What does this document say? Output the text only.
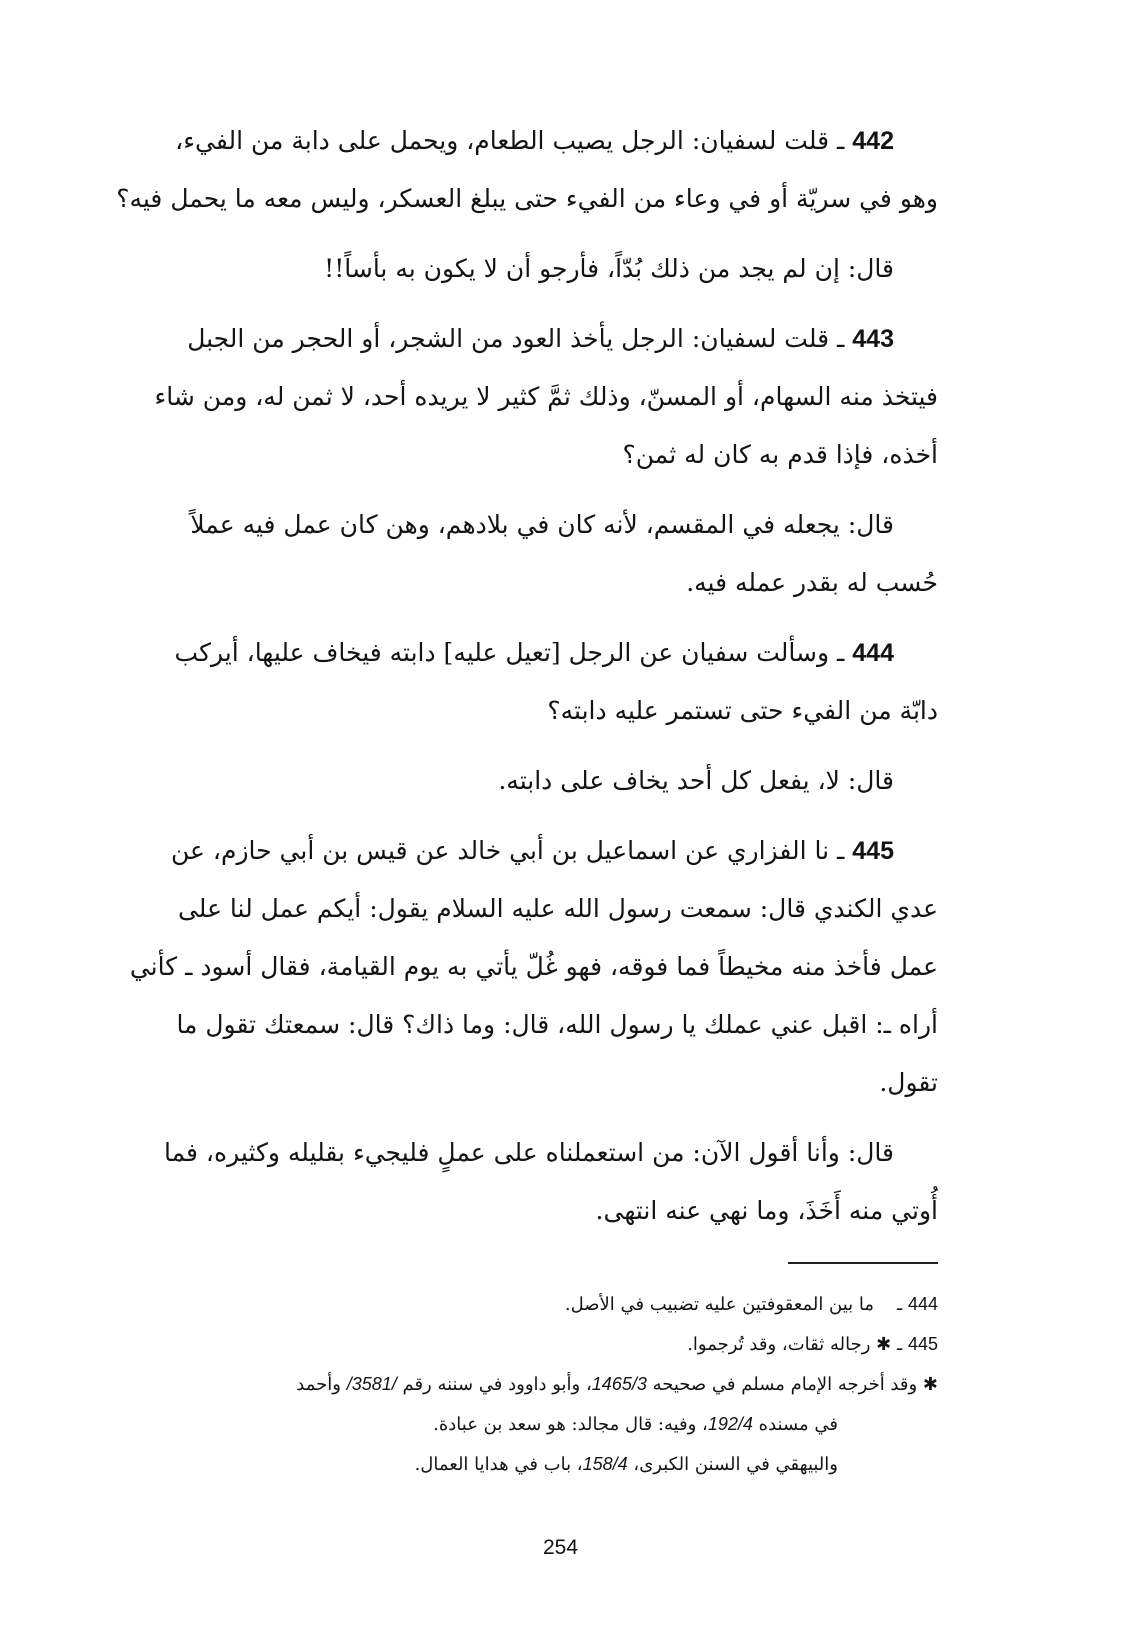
442 ـ قلت لسفيان: الرجل يصيب الطعام، ويحمل على دابة من الفيء،
وهو في سريّة أو في وعاء من الفيء حتى يبلغ العسكر، وليس معه ما يحمل فيه؟
قال: إن لم يجد من ذلك بُدّاً، فأرجو أن لا يكون به بأساً!!
443 ـ قلت لسفيان: الرجل يأخذ العود من الشجر، أو الحجر من الجبل
فيتخذ منه السهام، أو المسنّ، وذلك ثمَّ كثير لا يريده أحد، لا ثمن له، ومن شاء
أخذه، فإذا قدم به كان له ثمن؟
قال: يجعله في المقسم، لأنه كان في بلادهم، وهن كان عمل فيه عملاً
حُسب له بقدر عمله فيه.
444 ـ وسألت سفيان عن الرجل [تعيل عليه] دابته فيخاف عليها، أيركب
دابّة من الفيء حتى تستمر عليه دابته؟
قال: لا، يفعل كل أحد يخاف على دابته.
445 ـ نا الفزاري عن اسماعيل بن أبي خالد عن قيس بن أبي حازم، عن
عدي الكندي قال: سمعت رسول الله عليه السلام يقول: أيكم عمل لنا على
عمل فأخذ منه مخيطاً فما فوقه، فهو غُلّ يأتي به يوم القيامة، فقال أسود ـ كأني
أراه ـ: اقبل عني عملك يا رسول الله، قال: وما ذاك؟ قال: سمعتك تقول ما
تقول.
قال: وأنا أقول الآن: من استعملناه على عملٍ فليجيء بقليله وكثيره، فما
أُوتي منه أَخَذَ، وما نهي عنه انتهى.
444 ـ    ما بين المعقوفتين عليه تضبيب في الأصل.
445 ـ ✱ رجاله ثقات، وقد تُرجموا.
✱ وقد أخرجه الإمام مسلم في صحيحه 1465/3، وأبو داوود في سننه رقم /3581/ وأحمد
في مسنده 192/4، وفيه: قال مجالد: هو سعد بن عبادة.
والبيهقي في السنن الكبرى، 158/4، باب في هدايا العمال.
254
